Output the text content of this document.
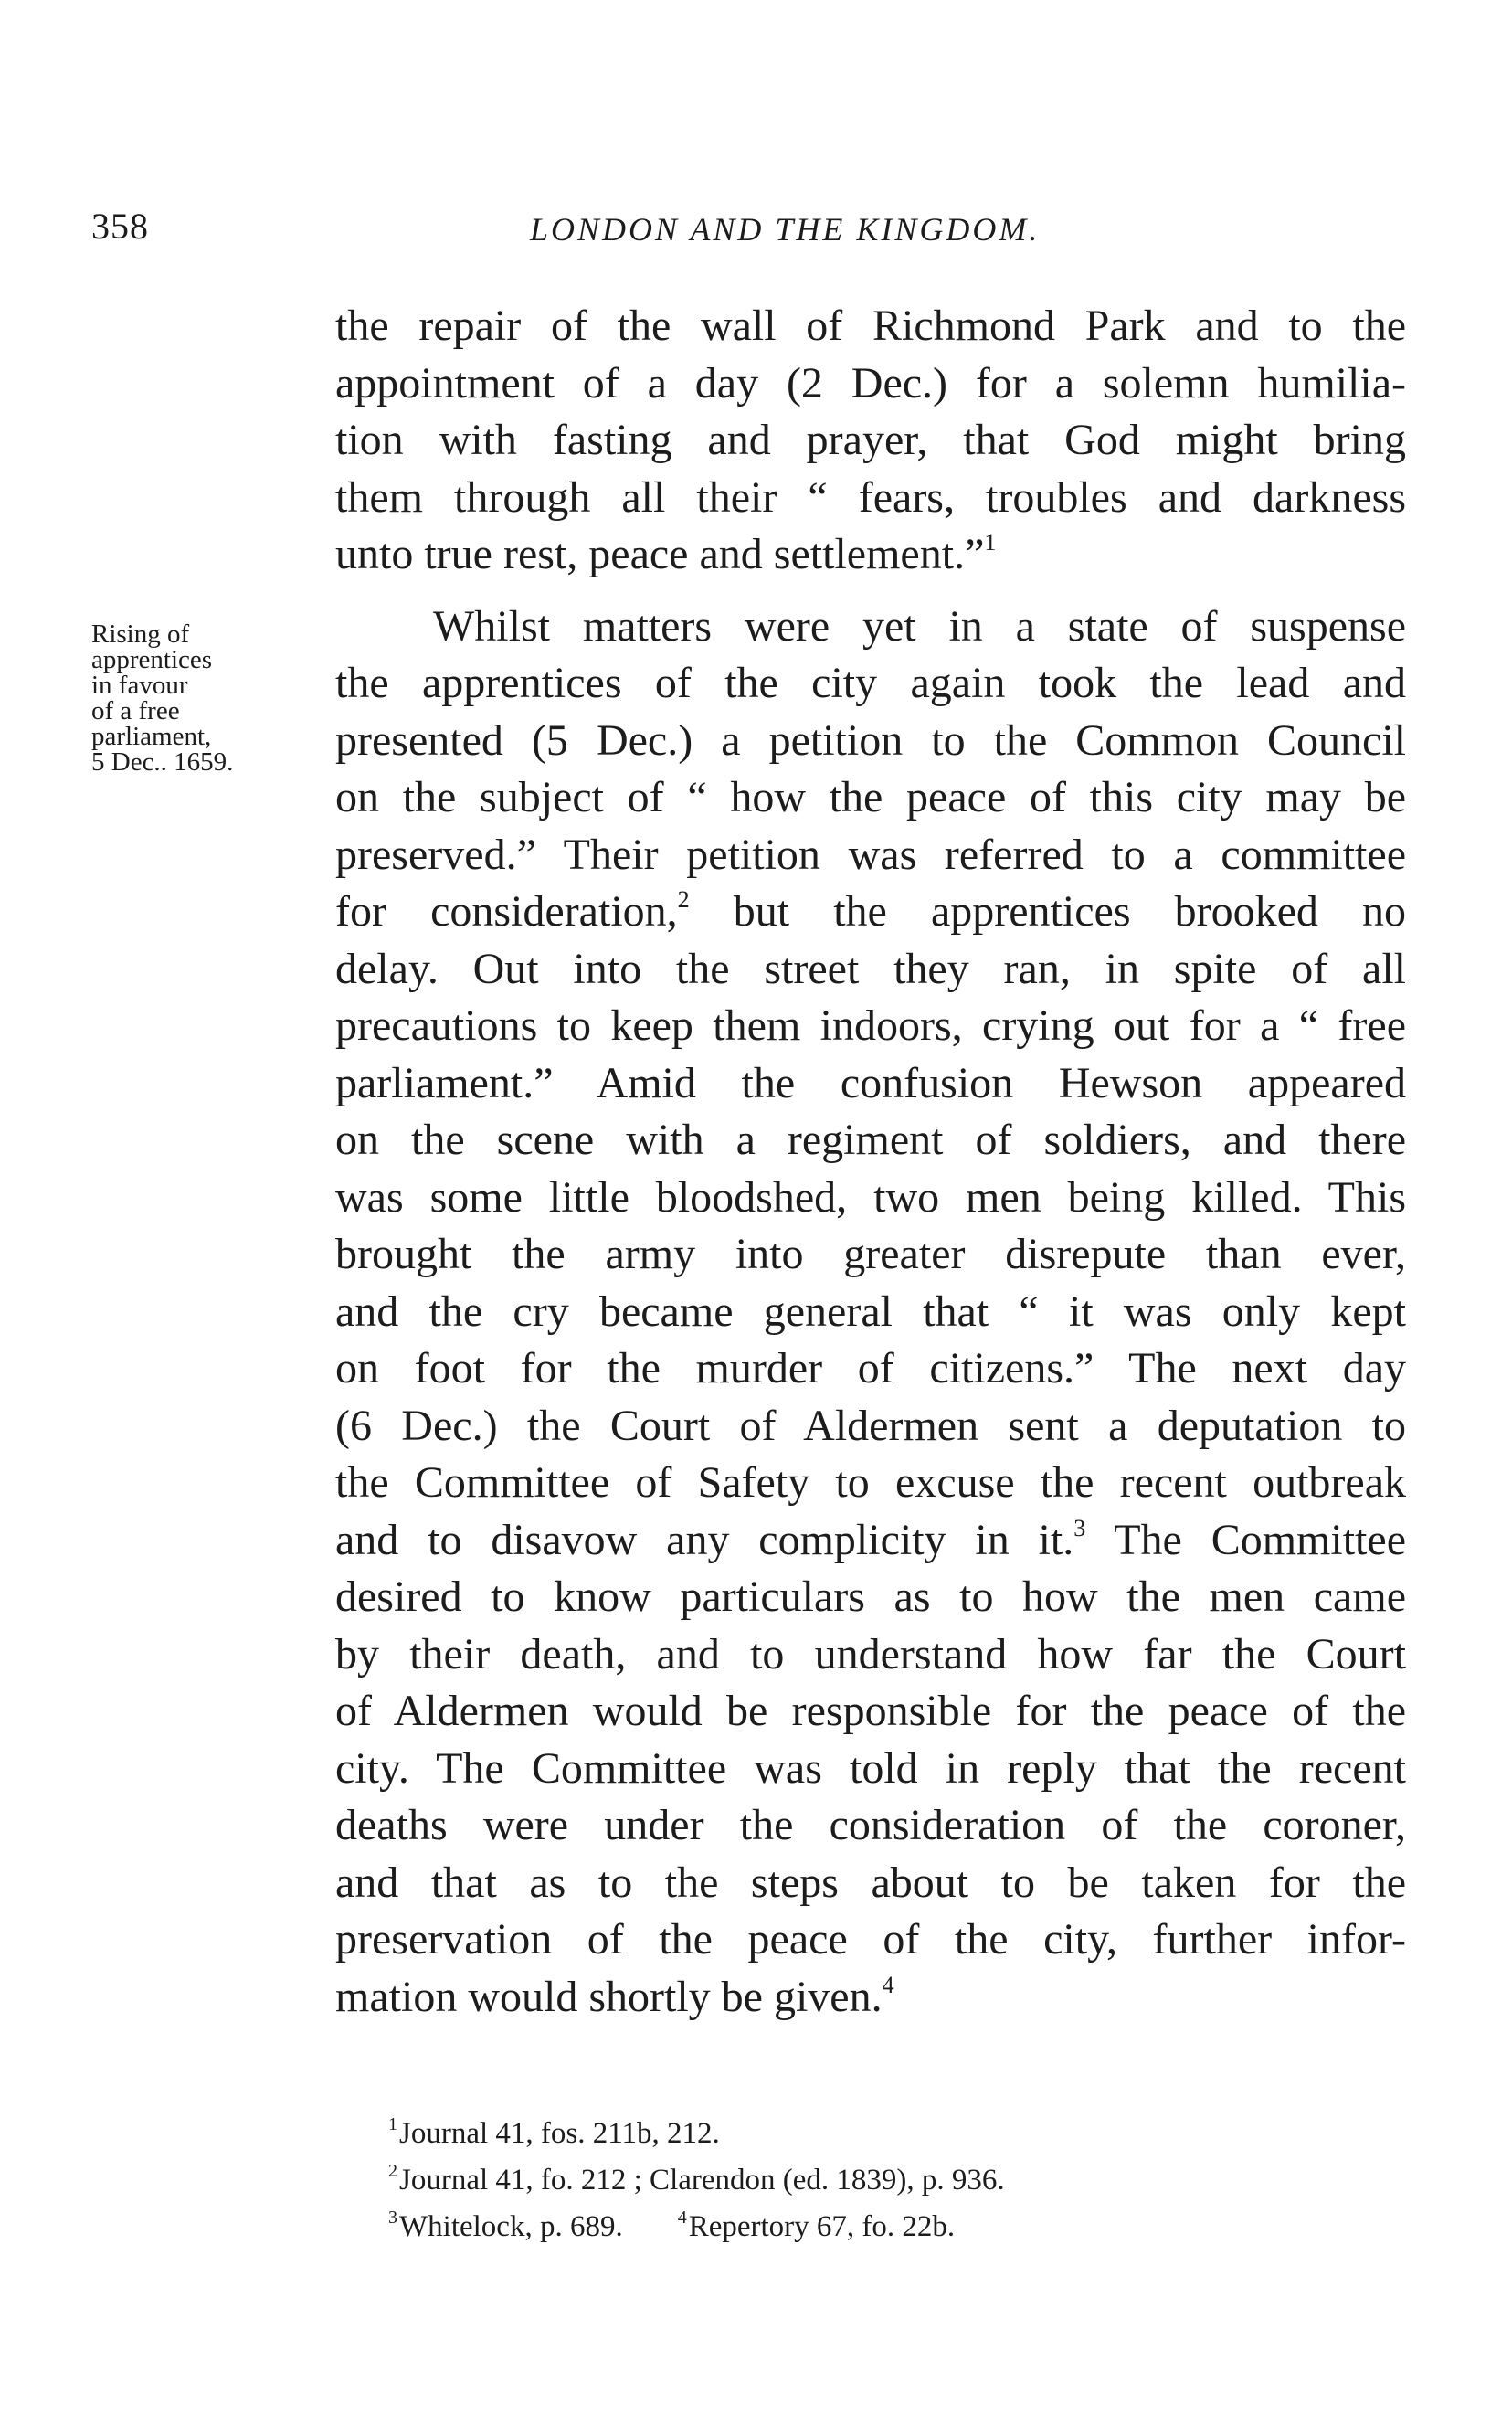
358	LONDON AND THE KINGDOM.
Rising of
apprentices
in favour
of a free
parliament,
5 Dec.. 1659.
the repair of the wall of Richmond Park and to the
appointment of a day (2 Dec.) for a solemn humilia-
tion with fasting and prayer, that God might bring
them through all their “ fears, troubles and darkness
unto true rest, peace and settlement.”$^1$
Whilst matters were yet in a state of suspense
the apprentices of the city again took the lead and
presented (5 Dec.) a petition to the Common Council
on the subject of “ how the peace of this city may be
preserved.” Their petition was referred to a committee
for consideration,$^2$ but the apprentices brooked no
delay. Out into the street they ran, in spite of all
precautions to keep them indoors, crying out for a “ free
parliament.” Amid the confusion Hewson appeared
on the scene with a regiment of soldiers, and there
was some little bloodshed, two men being killed. This
brought the army into greater disrepute than ever,
and the cry became general that “ it was only kept
on foot for the murder of citizens.” The next day
(6 Dec.) the Court of Aldermen sent a deputation to
the Committee of Safety to excuse the recent outbreak
and to disavow any complicity in it.$^3$ The Committee
desired to know particulars as to how the men came
by their death, and to understand how far the Court
of Aldermen would be responsible for the peace of the
city. The Committee was told in reply that the recent
deaths were under the consideration of the coroner,
and that as to the steps about to be taken for the
preservation of the peace of the city, further infor-
mation would shortly be given.$^4$
$^1$Journal 41, fos. 211b, 212.
$^2$Journal 41, fo. 212 ; Clarendon (ed. 1839), p. 936.
$^3$Whitelock, p. 689.	$^4$Repertory 67, fo. 22b.
